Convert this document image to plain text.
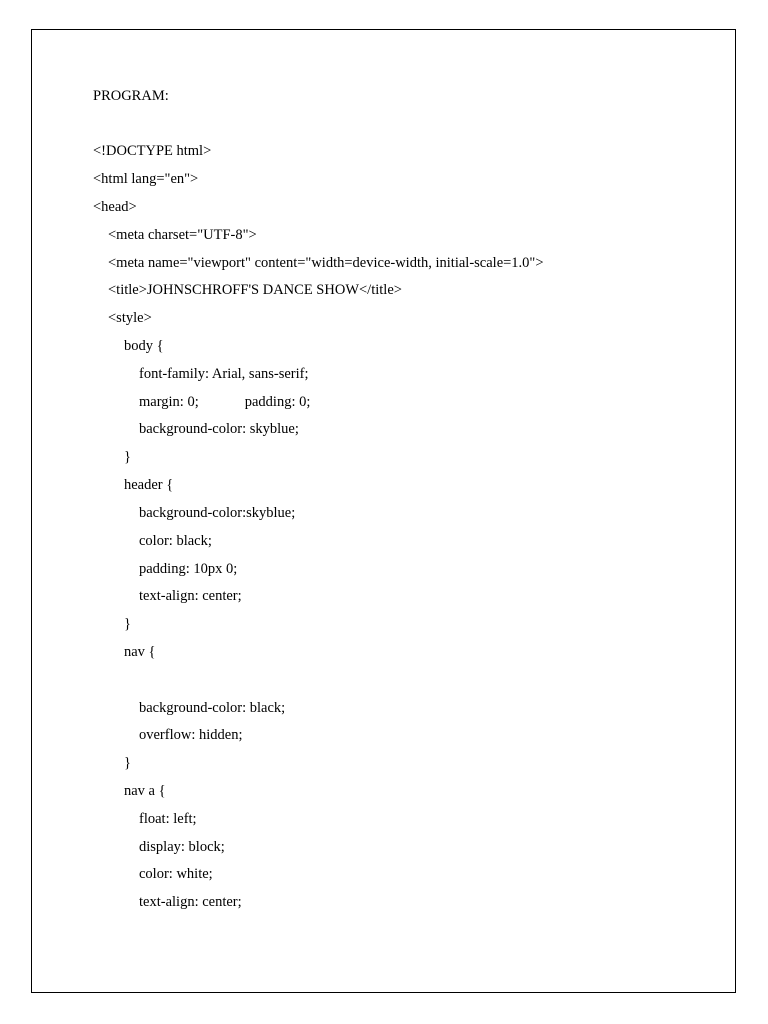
PROGRAM:
<!DOCTYPE html>
<html lang="en">
<head>
<meta charset="UTF-8">
<meta name="viewport" content="width=device-width, initial-scale=1.0">
<title>JOHNSCHROFF'S DANCE SHOW</title>
<style>
body {
font-family: Arial, sans-serif;
margin: 0;	padding: 0;
background-color: skyblue;
}
header {
background-color:skyblue;
color: black;
padding: 10px 0;
text-align: center;
}
nav {
background-color: black;
overflow: hidden;
}
nav a {
float: left;
display: block;
color: white;
text-align: center;
